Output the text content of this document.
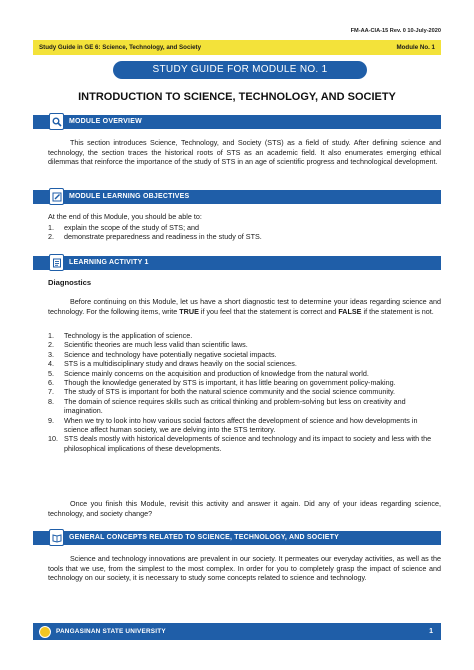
FM-AA-CIA-15 Rev. 0 10-July-2020
Study Guide in GE 6: Science, Technology, and Society	Module No. 1
STUDY GUIDE FOR MODULE NO. 1
INTRODUCTION TO SCIENCE, TECHNOLOGY, AND SOCIETY
MODULE OVERVIEW
This section introduces Science, Technology, and Society (STS) as a field of study. After defining science and technology, the section traces the historical roots of STS as an academic field. It also enumerates emerging ethical dilemmas that reinforce the importance of the study of STS in an age of scientific progress and technological development.
MODULE LEARNING OBJECTIVES
At the end of this Module, you should be able to:
1.	explain the scope of the study of STS; and
2.	demonstrate preparedness and readiness in the study of STS.
LEARNING ACTIVITY 1
Diagnostics
Before continuing on this Module, let us have a short diagnostic test to determine your ideas regarding science and technology. For the following items, write TRUE if you feel that the statement is correct and FALSE if the statement is not.
1.	Technology is the application of science.
2.	Scientific theories are much less valid than scientific laws.
3.	Science and technology have potentially negative societal impacts.
4.	STS is a multidisciplinary study and draws heavily on the social sciences.
5.	Science mainly concerns on the acquisition and production of knowledge from the natural world.
6.	Though the knowledge generated by STS is important, it has little bearing on government policy-making.
7.	The study of STS is important for both the natural science community and the social science community.
8.	The domain of science requires skills such as critical thinking and problem-solving but less on creativity and imagination.
9.	When we try to look into how various social factors affect the development of science and how developments in science affect human society, we are delving into the STS territory.
10. STS deals mostly with historical developments of science and technology and its impact to society and less with the philosophical implications of these developments.
Once you finish this Module, revisit this activity and answer it again. Did any of your ideas regarding science, technology, and society change?
GENERAL CONCEPTS RELATED TO SCIENCE, TECHNOLOGY, AND SOCIETY
Science and technology innovations are prevalent in our society. It permeates our everyday activities, as well as the tools that we use, from the simplest to the most complex. In order for you to completely grasp the impact of science and technology on our society, it is necessary to study some concepts related to science and technology.
PANGASINAN STATE UNIVERSITY	1
